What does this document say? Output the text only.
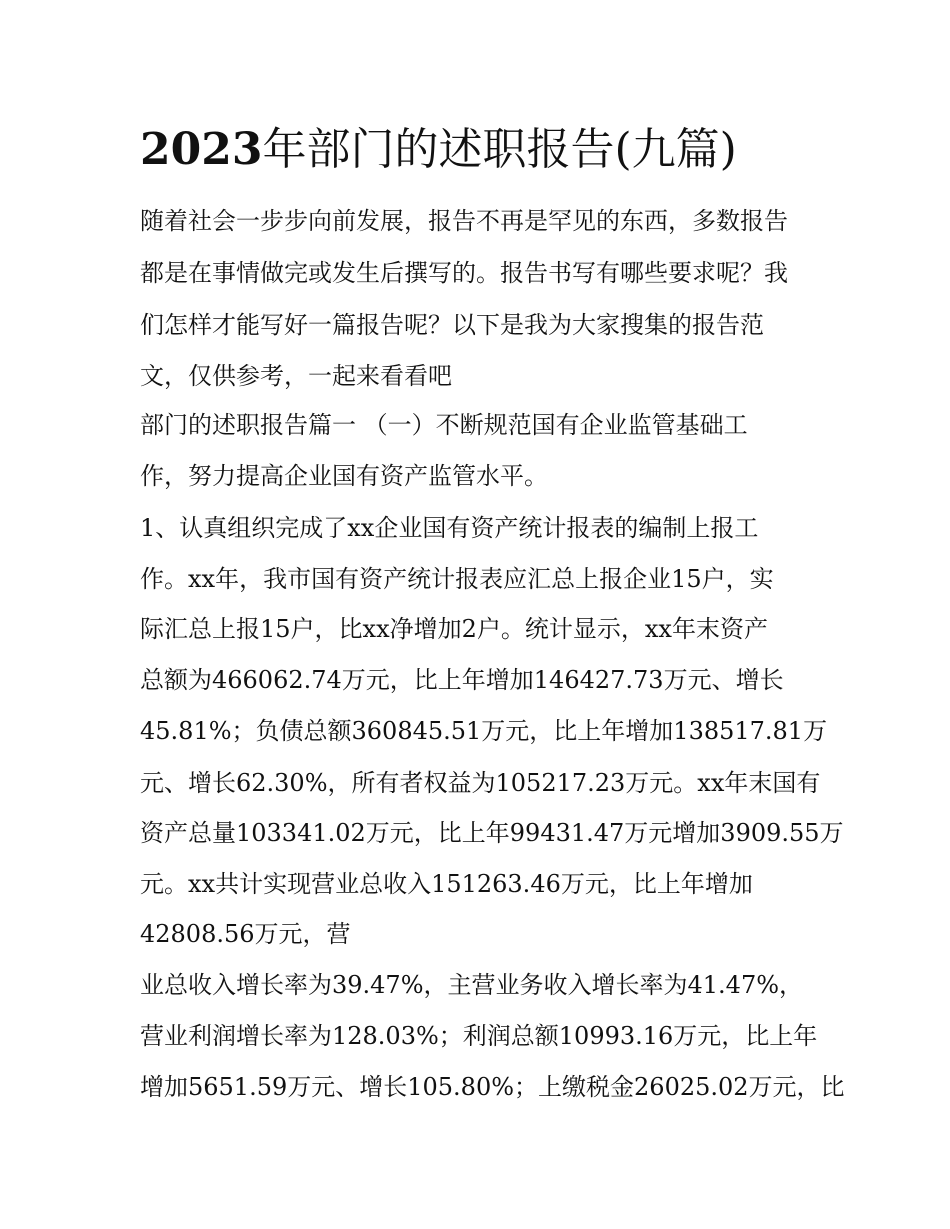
2023年部门的述职报告(九篇)
随着社会一步步向前发展，报告不再是罕见的东西，多数报告
都是在事情做完或发生后撰写的。报告书写有哪些要求呢？我
们怎样才能写好一篇报告呢？以下是我为大家搜集的报告范
文，仅供参考，一起来看看吧
部门的述职报告篇一 （一）不断规范国有企业监管基础工
作，努力提高企业国有资产监管水平。
1、认真组织完成了xx企业国有资产统计报表的编制上报工
作。xx年，我市国有资产统计报表应汇总上报企业15户，实
际汇总上报15户，比xx净增加2户。统计显示，xx年末资产
总额为466062.74万元，比上年增加146427.73万元、增长
45.81%；负债总额360845.51万元，比上年增加138517.81万
元、增长62.30%，所有者权益为105217.23万元。xx年末国有
资产总量103341.02万元，比上年99431.47万元增加3909.55万
元。xx共计实现营业总收入151263.46万元，比上年增加
42808.56万元，营
业总收入增长率为39.47%，主营业务收入增长率为41.47%，
营业利润增长率为128.03%；利润总额10993.16万元，比上年
增加5651.59万元、增长105.80%；上缴税金26025.02万元，比
